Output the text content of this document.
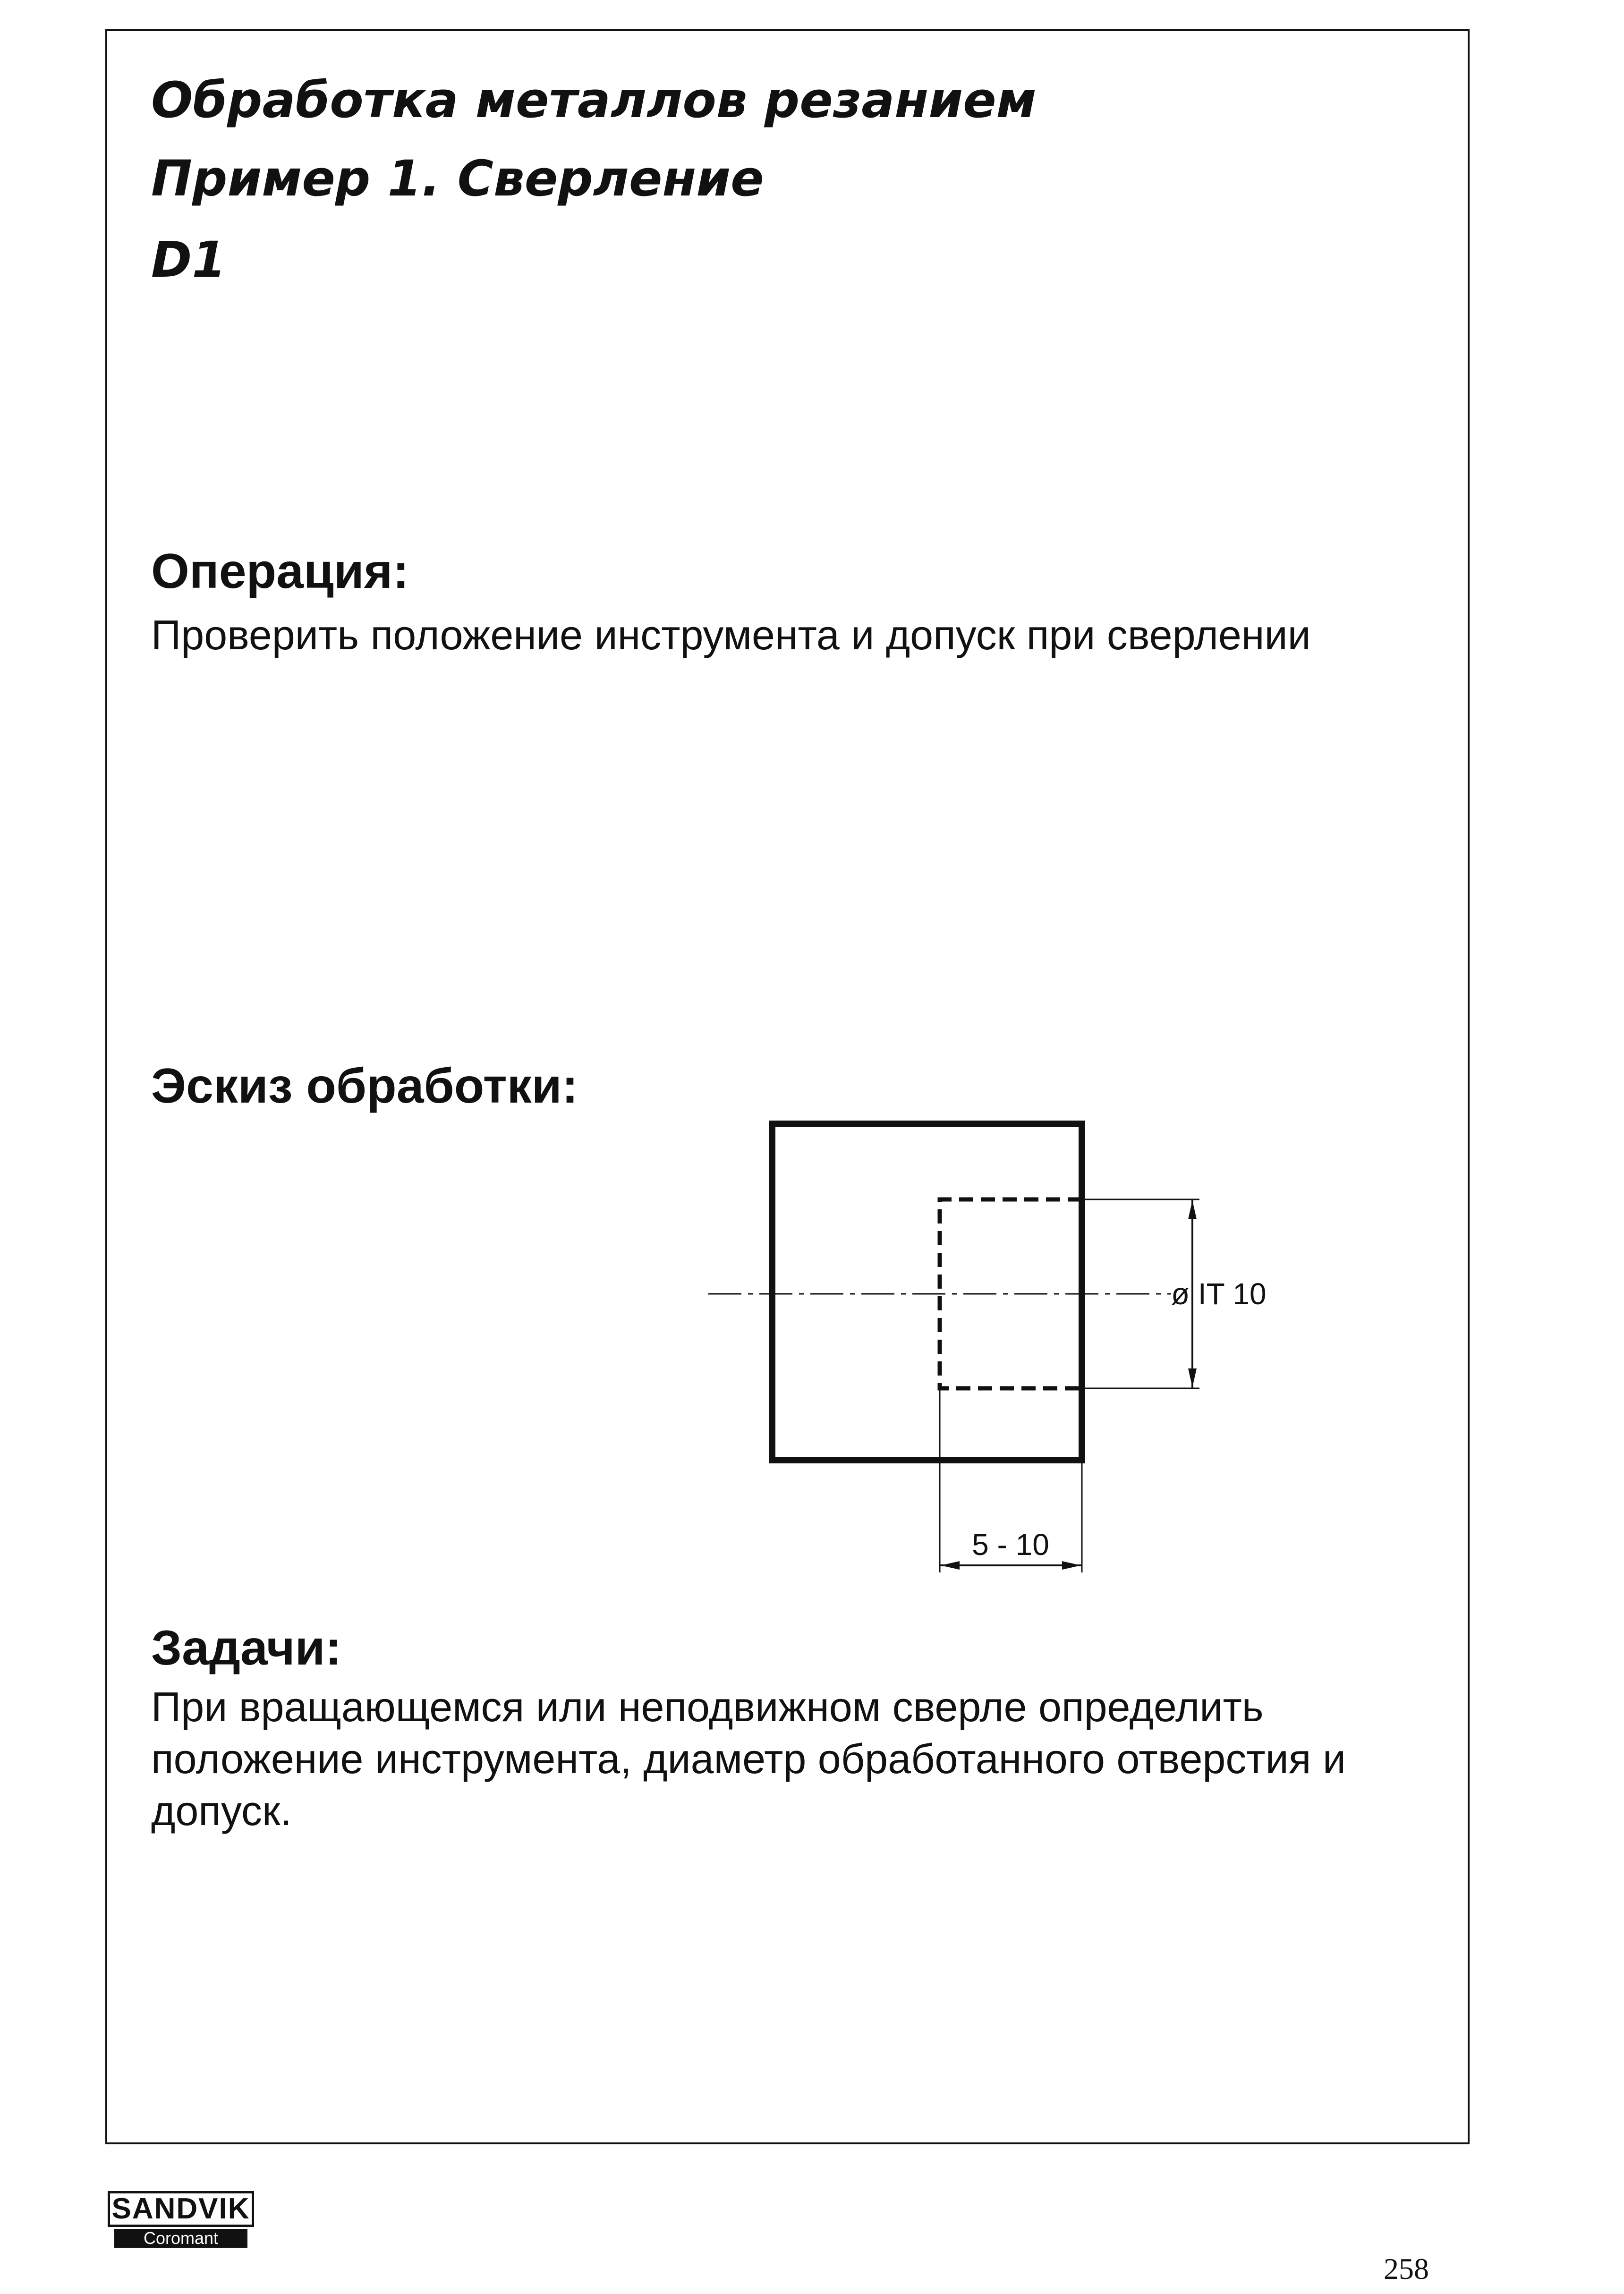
Обработка металлов резанием
Пример 1. Сверление
D1
Операция:

Проверить положение инструмента и допуск при сверлении

Эскиз обработки:
ø IT 10
5 - 10
Задачи:

При вращающемся или неподвижном сверле определить положение инструмента, диаметр обработанного отверстия и допуск.

SANDVIK
Coromant
258
